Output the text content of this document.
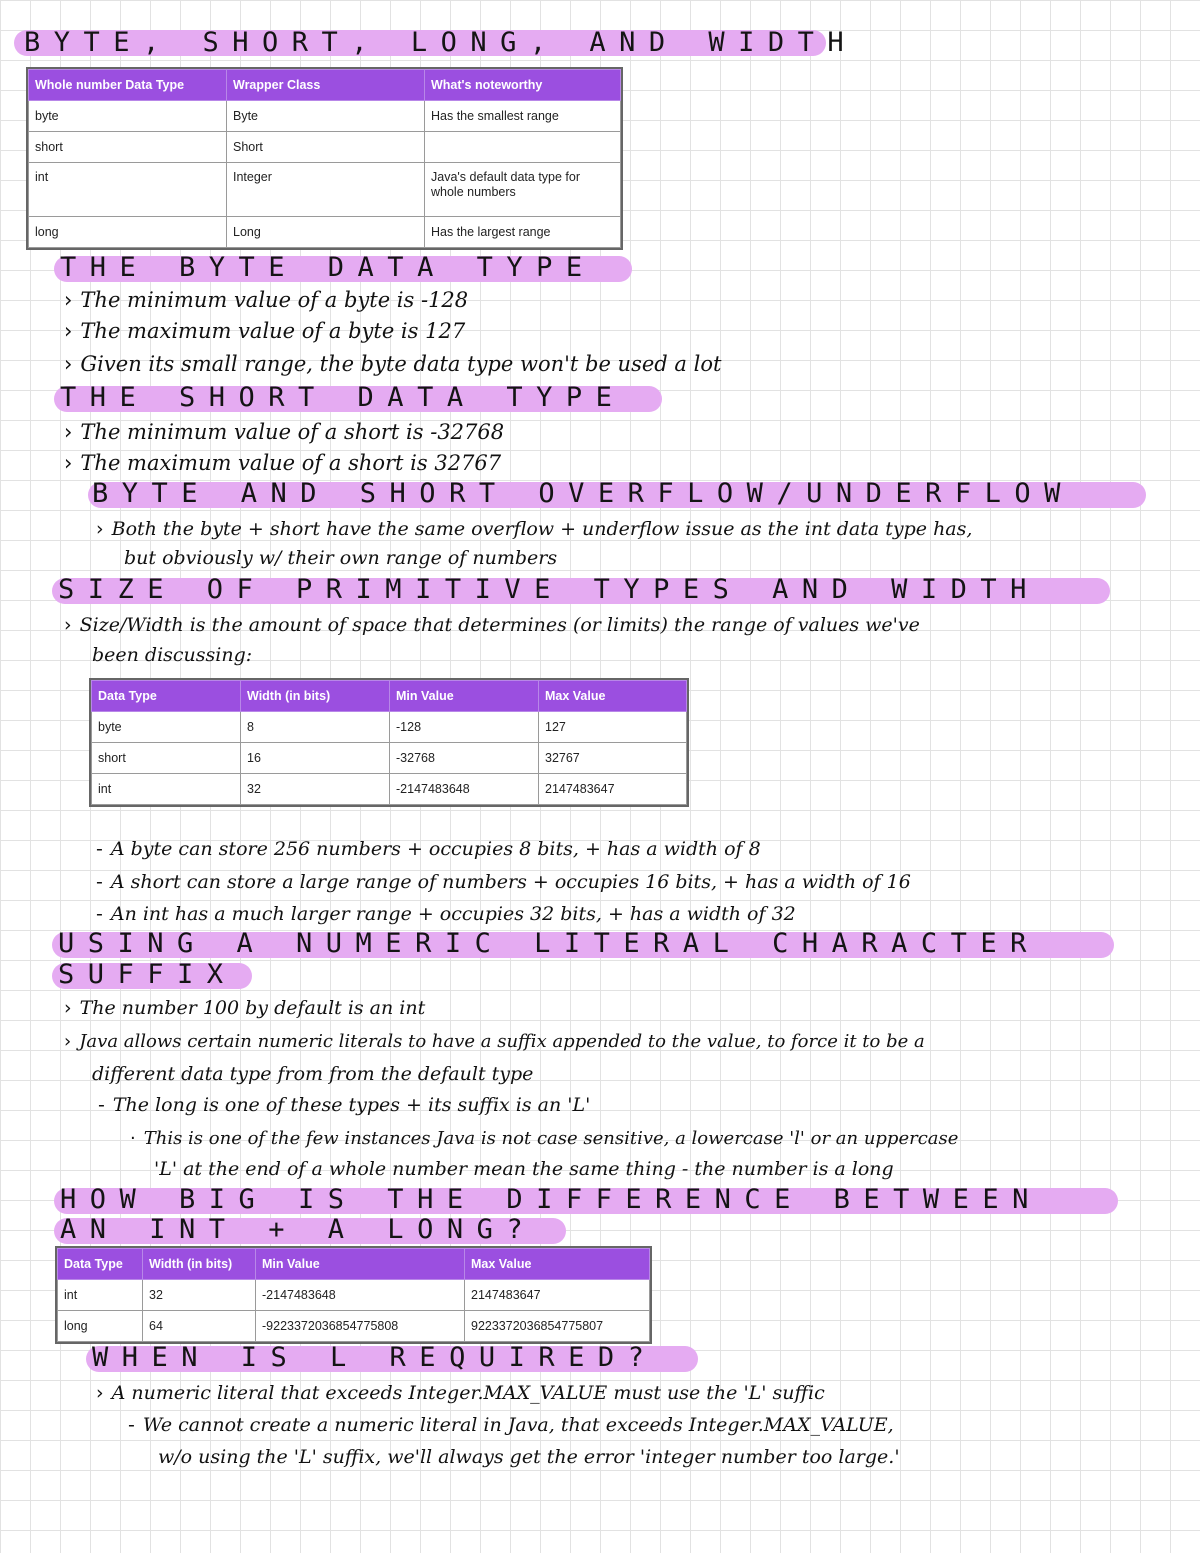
BYTE, SHORT, LONG, AND WIDTH
Whole number Data Type	Wrapper Class	What's noteworthy
byte	Byte	Has the smallest range
short	Short	
int	Integer	Java's default data type for whole numbers
long	Long	Has the largest range
THE BYTE DATA TYPE
› The minimum value of a byte is -128
› The maximum value of a byte is 127
› Given its small range, the byte data type won't be used a lot
THE SHORT DATA TYPE
› The minimum value of a short is -32768
› The maximum value of a short is 32767
BYTE AND SHORT OVERFLOW/UNDERFLOW
› Both the byte + short have the same overflow + underflow issue as the int data type has,
but obviously w/ their own range of numbers
SIZE OF PRIMITIVE TYPES AND WIDTH
› Size/Width is the amount of space that determines (or limits) the range of values we've
been discussing:
Data Type	Width (in bits)	Min Value	Max Value
byte	8	-128	127
short	16	-32768	32767
int	32	-2147483648	2147483647
- A byte can store 256 numbers + occupies 8 bits, + has a width of 8
- A short can store a large range of numbers + occupies 16 bits, + has a width of 16
- An int has a much larger range + occupies 32 bits, + has a width of 32
USING A NUMERIC LITERAL CHARACTER
SUFFIX
› The number 100 by default is an int
› Java allows certain numeric literals to have a suffix appended to the value, to force it to be a
different data type from from the default type
- The long is one of these types + its suffix is an 'L'
· This is one of the few instances Java is not case sensitive, a lowercase 'l' or an uppercase
'L' at the end of a whole number mean the same thing - the number is a long
HOW BIG IS THE DIFFERENCE BETWEEN
AN INT + A LONG?
Data Type	Width (in bits)	Min Value	Max Value
int	32	-2147483648	2147483647
long	64	-9223372036854775808	9223372036854775807
WHEN IS L REQUIRED?
› A numeric literal that exceeds Integer.MAX_VALUE must use the 'L' suffic
- We cannot create a numeric literal in Java, that exceeds Integer.MAX_VALUE,
w/o using the 'L' suffix, we'll always get the error 'integer number too large.'
